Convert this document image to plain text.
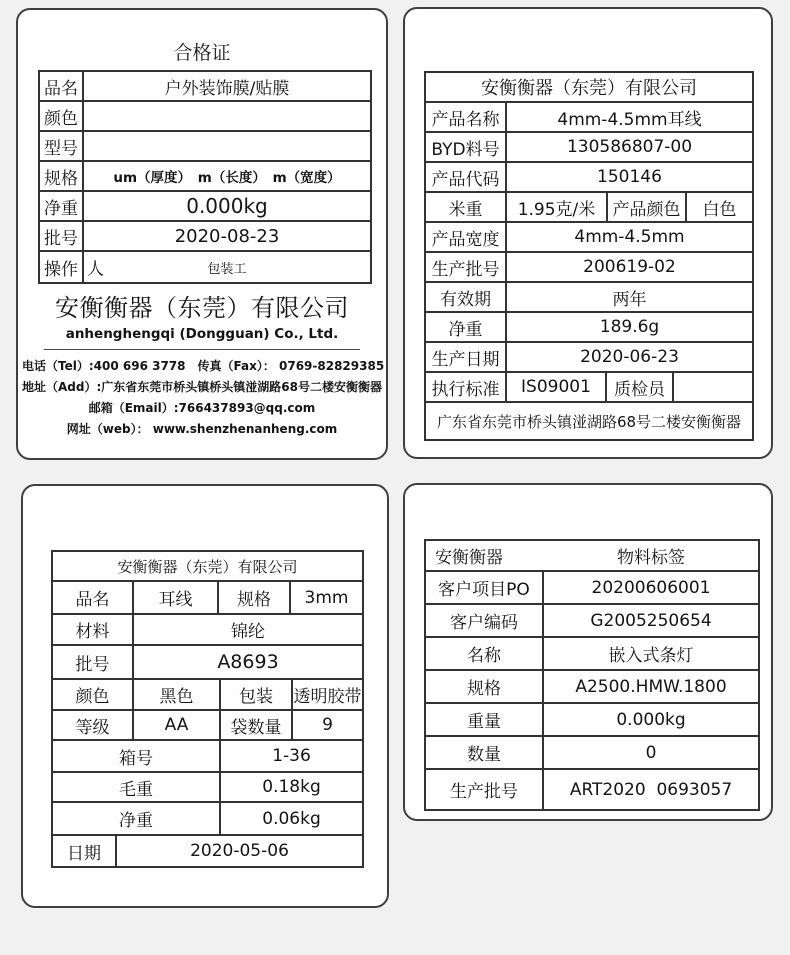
合格证
品名	户外装饰膜/贴膜
颜色
型号
规格	um（厚度）　m（长度）　m（宽度）
净重	0.000kg
批号	2020-08-23
操作 人	包装工
安衡衡器（东莞）有限公司
anhenghengqi (Dongguan) Co., Ltd.
电话（Tel）:400 696 3778　传真（Fax）： 0769-82829385
地址（Add）:广东省东莞市桥头镇桥头镇湴湖路68号二楼安衡衡器
邮箱（Email）:766437893@qq.com
网址（web）： www.shenzhenanheng.com
安衡衡器（东莞）有限公司
产品名称	4mm-4.5mm耳线
BYD料号	130586807-00
产品代码	150146
米重	1.95克/米	产品颜色	白色
产品宽度	4mm-4.5mm
生产批号	200619-02
有效期	两年
净重	189.6g
生产日期	2020-06-23
执行标准	IS09001	质检员
广东省东莞市桥头镇湴湖路68号二楼安衡衡器
安衡衡器（东莞）有限公司
品名	耳线	规格	3mm
材料	锦纶
批号	A8693
颜色	黑色	包装	透明胶带
等级	AA	袋数量	9
箱号	1-36
毛重	0.18kg
净重	0.06kg
日期	2020-05-06
安衡衡器	物料标签
客户项目PO	20200606001
客户编码	G2005250654
名称	嵌入式条灯
规格	A2500.HMW.1800
重量	0.000kg
数量	0
生产批号	ART2020  0693057
